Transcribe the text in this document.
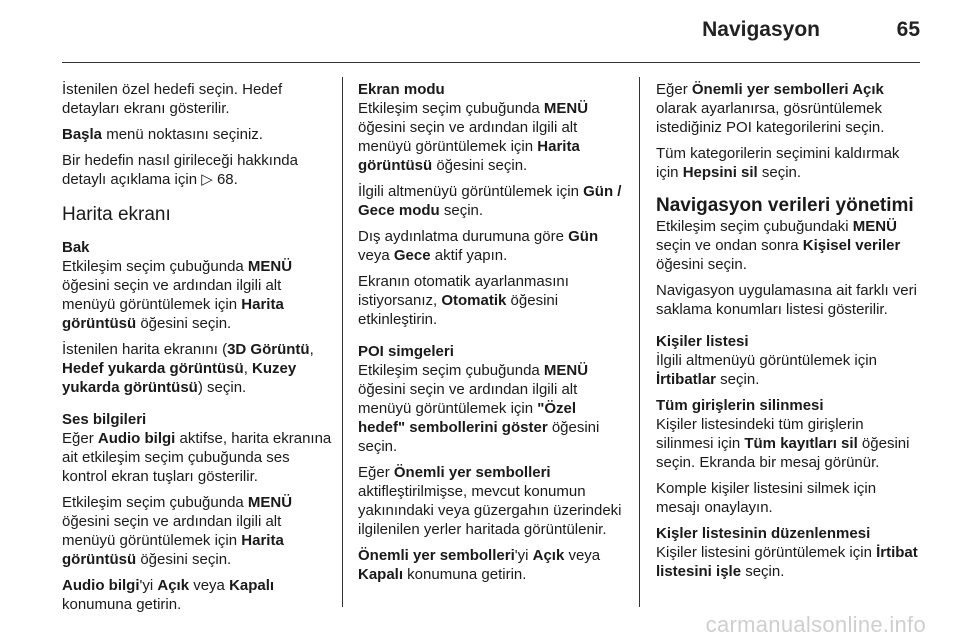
Navigasyon	65

İstenilen özel hedefi seçin. Hedef detayları ekranı gösterilir.

Başla menü noktasını seçiniz.

Bir hedefin nasıl girileceği hakkında detaylı açıklama için ▷ 68.

Harita ekranı
Bak

Etkileşim seçim çubuğunda MENÜ öğesini seçin ve ardından ilgili alt menüyü görüntülemek için Harita görüntüsü öğesini seçin.

İstenilen harita ekranını (3D Görüntü, Hedef yukarda görüntüsü, Kuzey yukarda görüntüsü) seçin.

Ses bilgileri

Eğer Audio bilgi aktifse, harita ekranına ait etkileşim seçim çubuğunda ses kontrol ekran tuşları gösterilir.

Etkileşim seçim çubuğunda MENÜ öğesini seçin ve ardından ilgili alt menüyü görüntülemek için Harita görüntüsü öğesini seçin.

Audio bilgi'yi Açık veya Kapalı konumuna getirin.

Ekran modu

Etkileşim seçim çubuğunda MENÜ öğesini seçin ve ardından ilgili alt menüyü görüntülemek için Harita görüntüsü öğesini seçin.

İlgili altmenüyü görüntülemek için Gün / Gece modu seçin.

Dış aydınlatma durumuna göre Gün veya Gece aktif yapın.

Ekranın otomatik ayarlanmasını istiyorsanız, Otomatik öğesini etkinleştirin.

POI simgeleri

Etkileşim seçim çubuğunda MENÜ öğesini seçin ve ardından ilgili alt menüyü görüntülemek için "Özel hedef" sembollerini göster öğesini seçin.

Eğer Önemli yer sembolleri aktifleştirilmişse, mevcut konumun yakınındaki veya güzergahın üzerindeki ilgilenilen yerler haritada görüntülenir.

Önemli yer sembolleri'yi Açık veya Kapalı konumuna getirin.

Eğer Önemli yer sembolleri Açık olarak ayarlanırsa, gösrüntülemek istediğiniz POI kategorilerini seçin.

Tüm kategorilerin seçimini kaldırmak için Hepsini sil seçin.

Navigasyon verileri yönetimi

Etkileşim seçim çubuğundaki MENÜ seçin ve ondan sonra Kişisel veriler öğesini seçin.

Navigasyon uygulamasına ait farklı veri saklama konumları listesi gösterilir.

Kişiler listesi

İlgili altmenüyü görüntülemek için İrtibatlar seçin.

Tüm girişlerin silinmesi

Kişiler listesindeki tüm girişlerin silinmesi için Tüm kayıtları sil öğesini seçin. Ekranda bir mesaj görünür.

Komple kişiler listesini silmek için mesajı onaylayın.

Kişler listesinin düzenlenmesi

Kişiler listesini görüntülemek için İrtibat listesini işle seçin.

carmanualsonline.info
